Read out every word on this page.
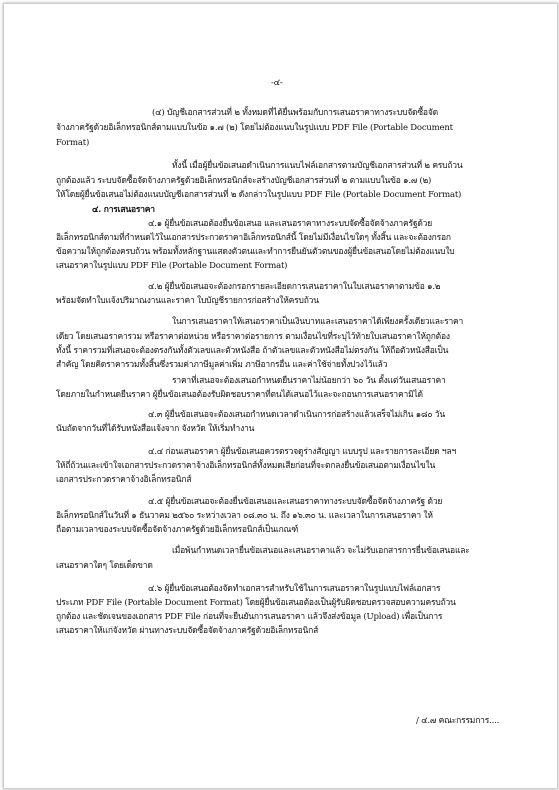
-๔-
(๔) บัญชีเอกสารส่วนที่ ๒ ทั้งหมดที่ได้ยื่นพร้อมกับการเสนอราคาทางระบบจัดซื้อจัด
จ้างภาครัฐด้วยอิเล็กทรอนิกส์ตามแบบในข้อ ๑.๗ (๒) โดยไม่ต้องแนบในรูปแบบ PDF File (Portable Document
Format)
ทั้งนี้ เมื่อผู้ยื่นข้อเสนอดำเนินการแนบไฟล์เอกสารตามบัญชีเอกสารส่วนที่ ๒ ครบถ้วน
ถูกต้องแล้ว ระบบจัดซื้อจัดจ้างภาครัฐด้วยอิเล็กทรอนิกส์จะสร้างบัญชีเอกสารส่วนที่ ๒ ตามแบบในข้อ ๑.๗ (๒)
ให้โดยผู้ยื่นข้อเสนอไม่ต้องแนบบัญชีเอกสารส่วนที่ ๒ ดังกล่าวในรูปแบบ PDF File (Portable Document Format)
๔. การเสนอราคา
๔.๑ ผู้ยื่นข้อเสนอต้องยื่นข้อเสนอ และเสนอราคาทางระบบจัดซื้อจัดจ้างภาครัฐด้วย
อิเล็กทรอนิกส์ตามที่กำหนดไว้ในเอกสารประกวดราคาอิเล็กทรอนิกส์นี้ โดยไม่มีเงื่อนไขใดๆ ทั้งสิ้น และจะต้องกรอก
ข้อความให้ถูกต้องครบถ้วน พร้อมทั้งหลักฐานแสดงตัวตนและทำการยืนยันตัวตนของผู้ยื่นข้อเสนอโดยไม่ต้องแนบใบ
เสนอราคาในรูปแบบ PDF File (Portable Document Format)
๔.๒ ผู้ยื่นข้อเสนอจะต้องกรอกรายละเอียดการเสนอราคาในใบเสนอราคาตามข้อ ๑.๒
พร้อมจัดทำใบแจ้งปริมาณงานและราคา ใบบัญชีรายการก่อสร้างให้ครบถ้วน
ในการเสนอราคาให้เสนอราคาเป็นเงินบาทและเสนอราคาได้เพียงครั้งเดียวและราคา
เดียว โดยเสนอราคารวม หรือราคาต่อหน่วย หรือราคาต่อรายการ ตามเงื่อนไขที่ระบุไว้ท้ายใบเสนอราคาให้ถูกต้อง
ทั้งนี้ ราคารวมที่เสนอจะต้องตรงกันทั้งตัวเลขและตัวหนังสือ ถ้าตัวเลขและตัวหนังสือไม่ตรงกัน ให้ถือตัวหนังสือเป็น
สำคัญ โดยคิดราคารวมทั้งสิ้นซึ่งรวมค่าภาษีมูลค่าเพิ่ม ภาษีอากรอื่น และค่าใช้จ่ายทั้งปวงไว้แล้ว
ราคาที่เสนอจะต้องเสนอกำหนดยืนราคาไม่น้อยกว่า ๖๐ วัน ตั้งแต่วันเสนอราคา
โดยภายในกำหนดยืนราคา ผู้ยื่นข้อเสนอต้องรับผิดชอบราคาที่ตนได้เสนอไว้และจะถอนการเสนอราคามิได้
๔.๓ ผู้ยื่นข้อเสนอจะต้องเสนอกำหนดเวลาดำเนินการก่อสร้างแล้วเสร็จไม่เกิน ๑๘๐ วัน
นับถัดจากวันที่ได้รับหนังสือแจ้งจาก จังหวัด ให้เริ่มทำงาน
๔.๔ ก่อนเสนอราคา ผู้ยื่นข้อเสนอควรตรวจดูร่างสัญญา แบบรูป และรายการละเอียด ฯลฯ
ให้ถี่ถ้วนและเข้าใจเอกสารประกวดราคาจ้างอิเล็กทรอนิกส์ทั้งหมดเสียก่อนที่จะตกลงยื่นข้อเสนอตามเงื่อนไขใน
เอกสารประกวดราคาจ้างอิเล็กทรอนิกส์
๔.๕ ผู้ยื่นข้อเสนอจะต้องยื่นข้อเสนอและเสนอราคาทางระบบจัดซื้อจัดจ้างภาครัฐ ด้วย
อิเล็กทรอนิกส์ในวันที่ ๑ ธันวาคม ๒๕๖๐ ระหว่างเวลา ๐๘.๓๐ น. ถึง ๑๖.๓๐ น. และเวลาในการเสนอราคา ให้
ถือตามเวลาของระบบจัดซื้อจัดจ้างภาครัฐด้วยอิเล็กทรอนิกส์เป็นเกณฑ์
เมื่อพ้นกำหนดเวลายื่นข้อเสนอและเสนอราคาแล้ว จะไม่รับเอกสารการยื่นข้อเสนอและ
เสนอราคาใดๆ โดยเด็ดขาด
๔.๖ ผู้ยื่นข้อเสนอต้องจัดทำเอกสารสำหรับใช้ในการเสนอราคาในรูปแบบไฟล์เอกสาร
ประเภท PDF File (Portable Document Format) โดยผู้ยื่นข้อเสนอต้องเป็นผู้รับผิดชอบตรวจสอบความครบถ้วน
ถูกต้อง และชัดเจนของเอกสาร PDF File ก่อนที่จะยืนยันการเสนอราคา แล้วจึงส่งข้อมูล (Upload) เพื่อเป็นการ
เสนอราคาให้แก่จังหวัด ผ่านทางระบบจัดซื้อจัดจ้างภาครัฐด้วยอิเล็กทรอนิกส์
/ ๔.๗ คณะกรรมการ....
